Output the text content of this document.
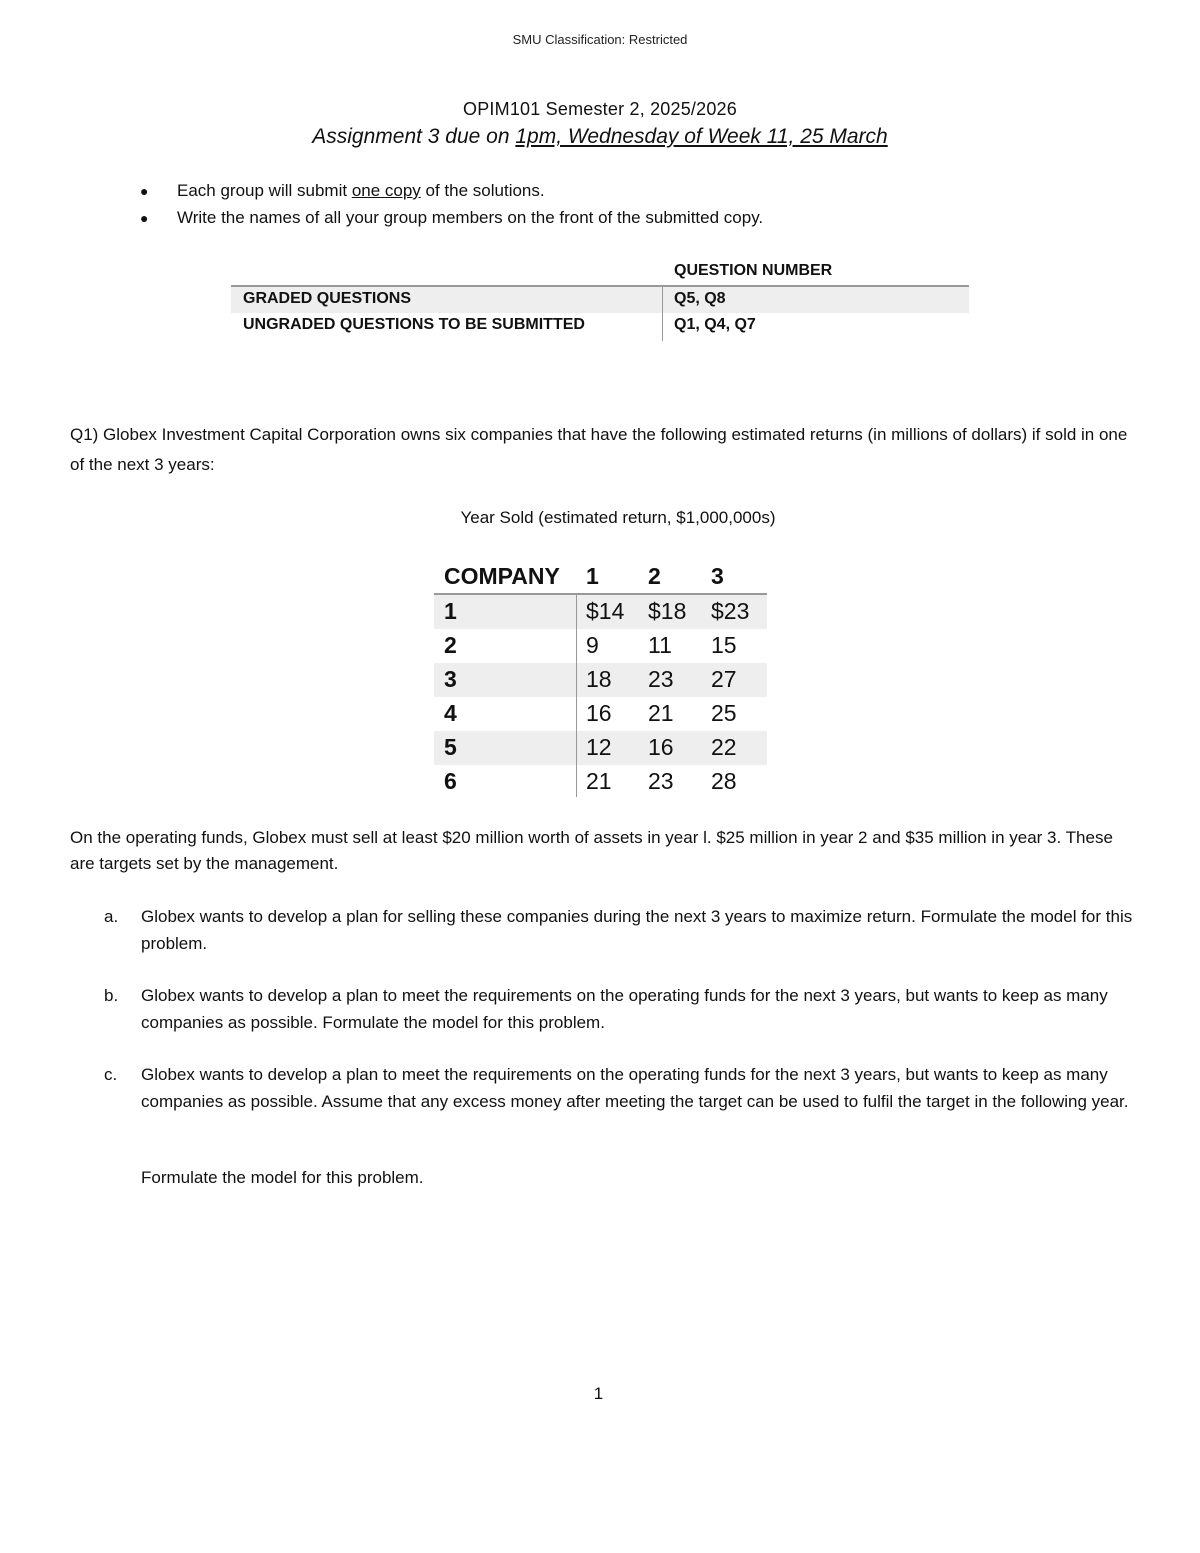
SMU Classification: Restricted
OPIM101 Semester 2, 2025/2026
Assignment 3 due on 1pm, Wednesday of Week 11, 25 March
●	Each group will submit one copy of the solutions.
●	Write the names of all your group members on the front of the submitted copy.
QUESTION NUMBER
GRADED QUESTIONS	Q5, Q8
UNGRADED QUESTIONS TO BE SUBMITTED	Q1, Q4, Q7
Q1) Globex Investment Capital Corporation owns six companies that have the following estimated returns (in millions of dollars) if sold in one of the next 3 years:
Year Sold (estimated return, $1,000,000s)
COMPANY 1 2 3
1	$14 $18 $23
2	9 11 15
3	18 23 27
4	16 21 25
5	12 16 22
6	21 23 28
On the operating funds, Globex must sell at least $20 million worth of assets in year l. $25 million in year 2 and $35 million in year 3. These are targets set by the management.
a.	Globex wants to develop a plan for selling these companies during the next 3 years to maximize return. Formulate the model for this problem.
b.	Globex wants to develop a plan to meet the requirements on the operating funds for the next 3 years, but wants to keep as many companies as possible. Formulate the model for this problem.
c.	Globex wants to develop a plan to meet the requirements on the operating funds for the next 3 years, but wants to keep as many companies as possible. Assume that any excess money after meeting the target can be used to fulfil the target in the following year.
Formulate the model for this problem.
1
